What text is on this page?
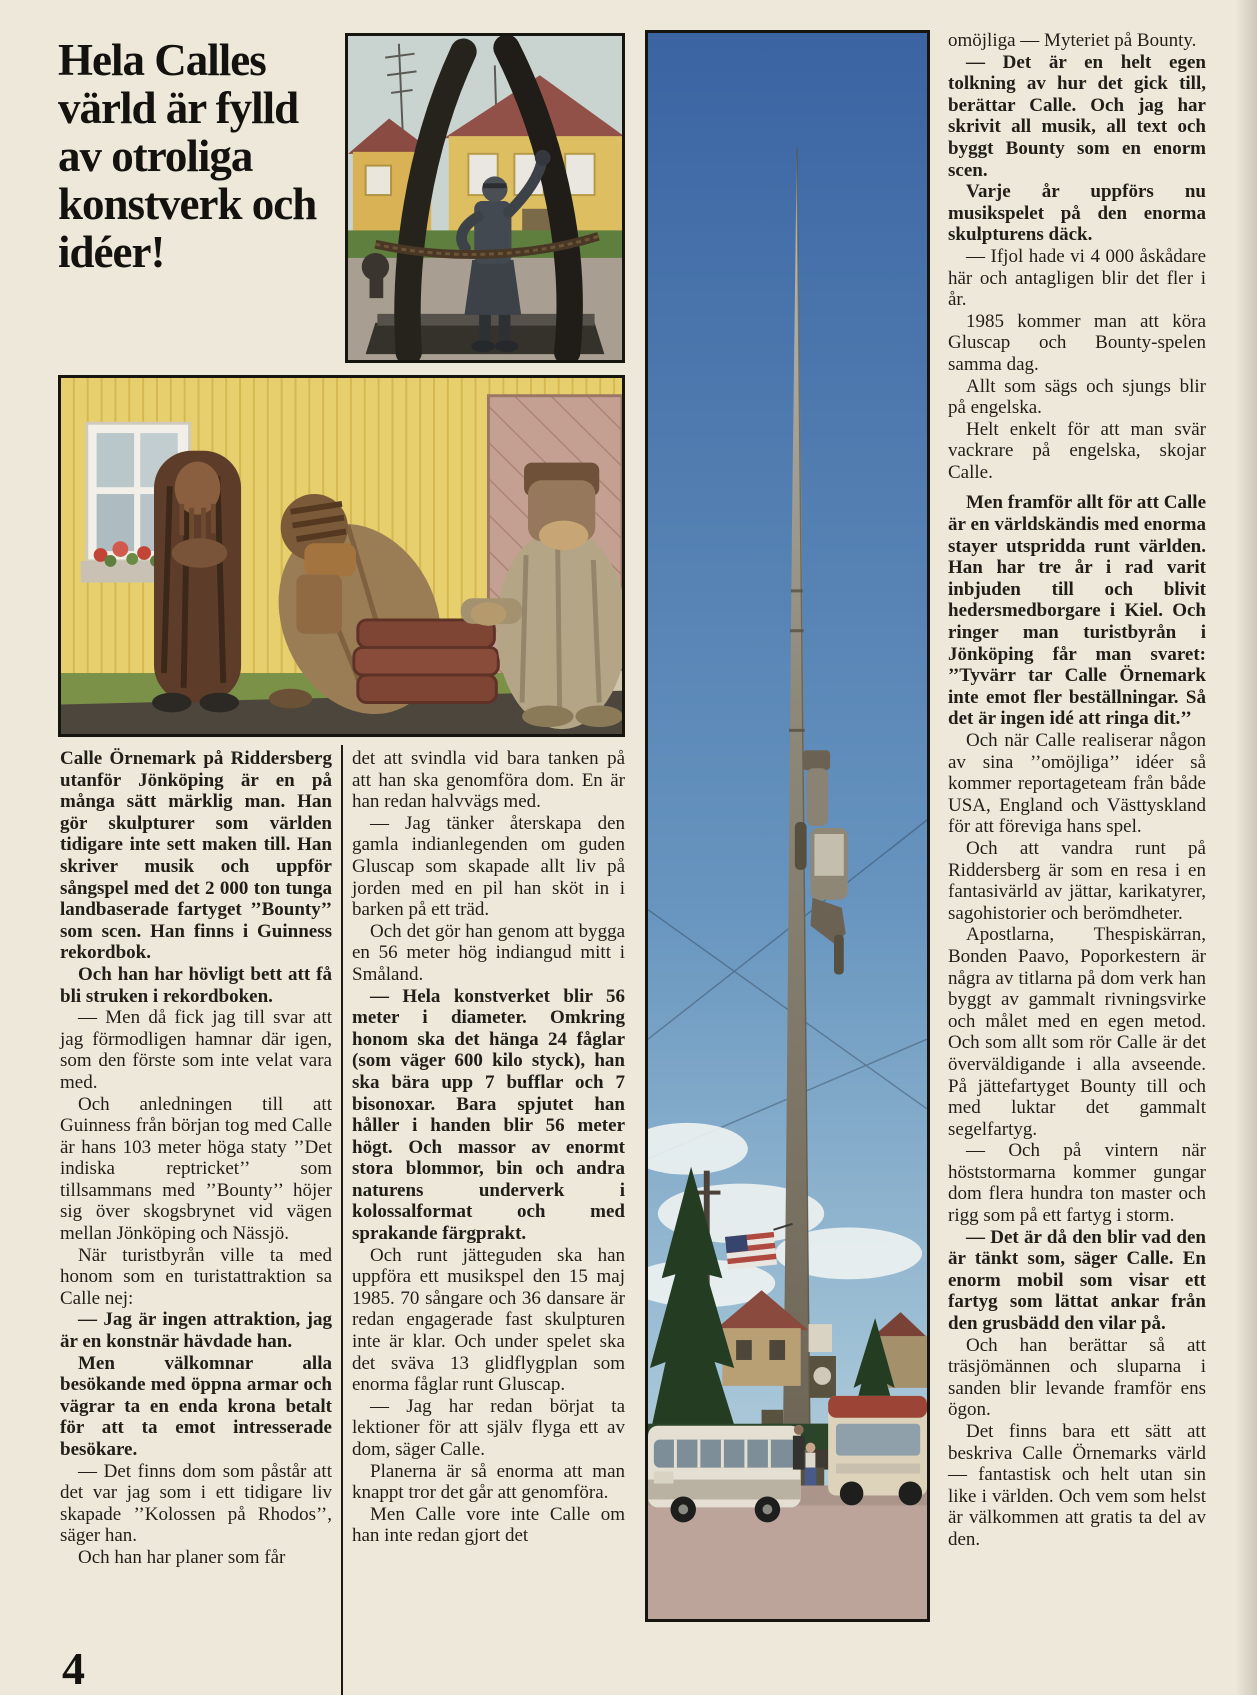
Hela Calles värld är fylld av otroliga konstverk och idéer!

Calle Örnemark på Riddersberg utanför Jönköping är en på många sätt märklig man. Han gör skulpturer som världen tidigare inte sett maken till. Han skriver musik och uppför sångspel med det 2 000 ton tunga landbaserade fartyget ’’Bounty’’ som scen. Han finns i Guinness rekordbok.

Och han har hövligt bett att få bli struken i rekordboken.

— Men då fick jag till svar att jag förmodligen hamnar där igen, som den förste som inte velat vara med.

Och anledningen till att Guinness från början tog med Calle är hans 103 meter höga staty ’’Det indiska reptricket’’ som tillsammans med ’’Bounty’’ höjer sig över skogsbrynet vid vägen mellan Jönköping och Nässjö.

När turistbyrån ville ta med honom som en turistattraktion sa Calle nej:

— Jag är ingen attraktion, jag är en konstnär hävdade han.

Men välkomnar alla besökande med öppna armar och vägrar ta en enda krona betalt för att ta emot intresserade besökare.

— Det finns dom som påstår att det var jag som i ett tidigare liv skapade ’’Kolossen på Rhodos’’, säger han.

Och han har planer som får

det att svindla vid bara tanken på att han ska genomföra dom. En är han redan halvvägs med.

— Jag tänker återskapa den gamla indianlegenden om guden Gluscap som skapade allt liv på jorden med en pil han sköt in i barken på ett träd.

Och det gör han genom att bygga en 56 meter hög indiangud mitt i Småland.

— Hela konstverket blir 56 meter i diameter. Omkring honom ska det hänga 24 fåglar (som väger 600 kilo styck), han ska bära upp 7 bufflar och 7 bisonoxar. Bara spjutet han håller i handen blir 56 meter högt. Och massor av enormt stora blommor, bin och andra naturens underverk i kolossalformat och med sprakande färgprakt.

Och runt jätteguden ska han uppföra ett musikspel den 15 maj 1985. 70 sångare och 36 dansare är redan engagerade fast skulpturen inte är klar. Och under spelet ska det sväva 13 glidflygplan som enorma fåglar runt Gluscap.

— Jag har redan börjat ta lektioner för att själv flyga ett av dom, säger Calle.

Planerna är så enorma att man knappt tror det går att genomföra.

Men Calle vore inte Calle om han inte redan gjort det

omöjliga — Myteriet på Bounty.

— Det är en helt egen tolkning av hur det gick till, berättar Calle. Och jag har skrivit all musik, all text och byggt Bounty som en enorm scen.

Varje år uppförs nu musikspelet på den enorma skulpturens däck.

— Ifjol hade vi 4 000 åskådare här och antagligen blir det fler i år.

1985 kommer man att köra Gluscap och Bounty-spelen samma dag.

Allt som sägs och sjungs blir på engelska.

Helt enkelt för att man svär vackrare på engelska, skojar Calle.

Men framför allt för att Calle är en världskändis med enorma stayer utspridda runt världen. Han har tre år i rad varit inbjuden till och blivit hedersmedborgare i Kiel. Och ringer man turistbyrån i Jönköping får man svaret: ’’Tyvärr tar Calle Örnemark inte emot fler beställningar. Så det är ingen idé att ringa dit.’’

Och när Calle realiserar någon av sina ’’omöjliga’’ idéer så kommer reportageteam från både USA, England och Västtyskland för att föreviga hans spel.

Och att vandra runt på Riddersberg är som en resa i en fantasivärld av jättar, karikatyrer, sagohistorier och berömdheter.

Apostlarna, Thespiskärran, Bonden Paavo, Poporkestern är några av titlarna på dom verk han byggt av gammalt rivningsvirke och målet med en egen metod. Och som allt som rör Calle är det överväldigande i alla avseende. På jättefartyget Bounty till och med luktar det gammalt segelfartyg.

— Och på vintern när höststormarna kommer gungar dom flera hundra ton master och rigg som på ett fartyg i storm.

— Det är då den blir vad den är tänkt som, säger Calle. En enorm mobil som visar ett fartyg som lättat ankar från den grusbädd den vilar på.

Och han berättar så att träsjömännen och sluparna i sanden blir levande framför ens ögon.

Det finns bara ett sätt att beskriva Calle Örnemarks värld — fantastisk och helt utan sin like i världen. Och vem som helst är välkommen att gratis ta del av den.

4
